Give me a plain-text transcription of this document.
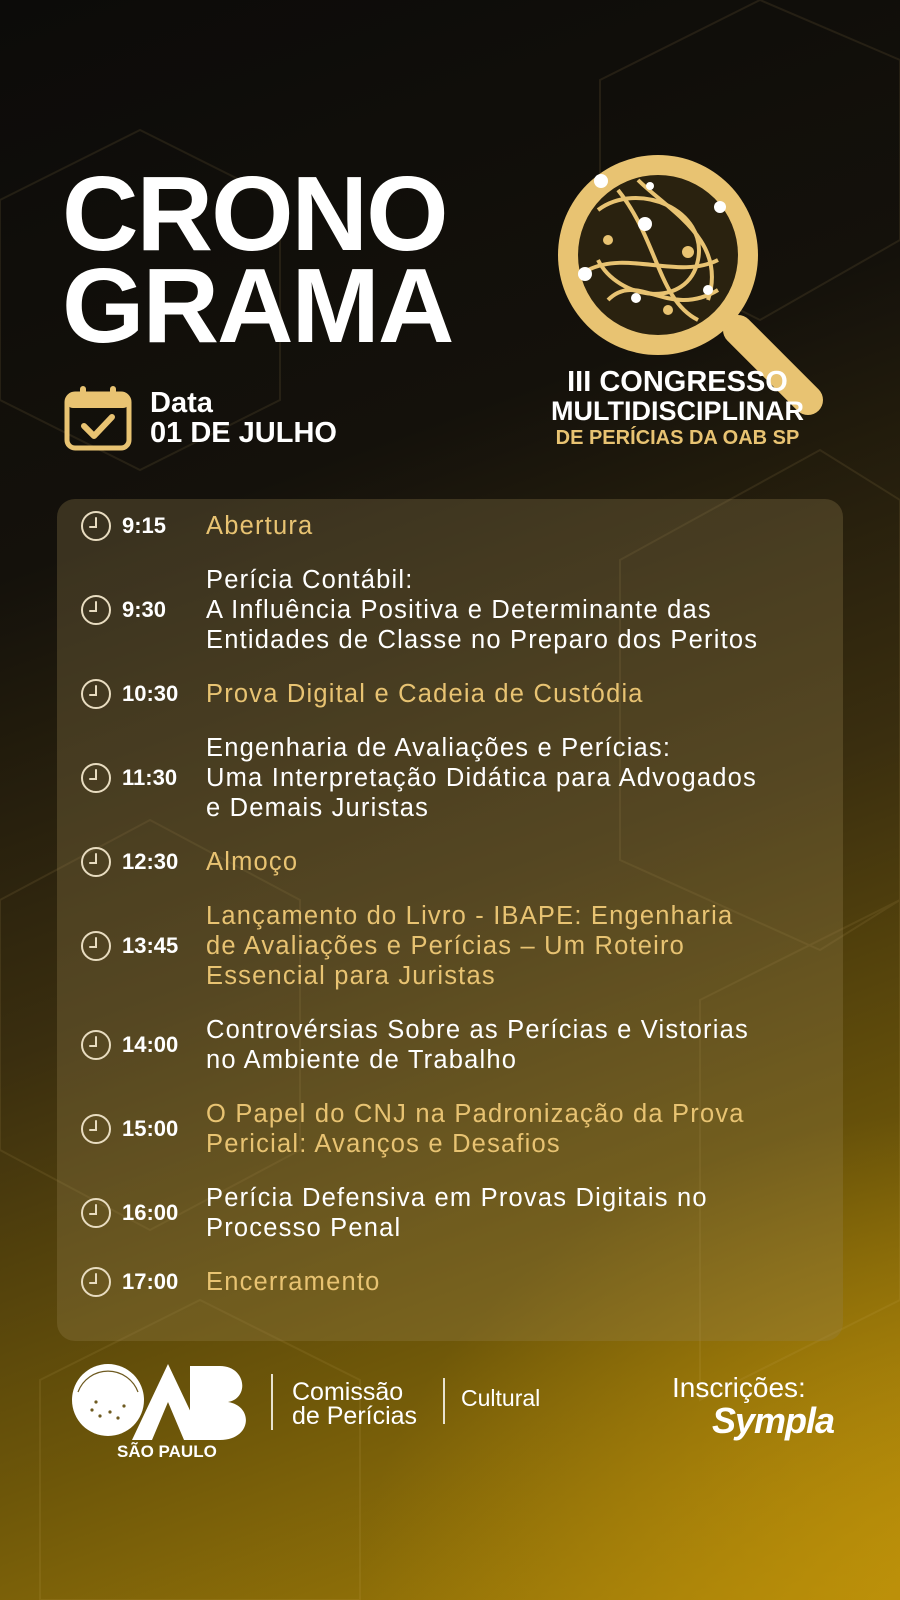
CRONO
GRAMA
Data
01 DE JULHO
III CONGRESSO
MULTIDISCIPLINAR
DE PERÍCIAS DA OAB SP
9:15 Abertura
9:30
Perícia Contábil:
A Influência Positiva e Determinante das
Entidades de Classe no Preparo dos Peritos
10:30 Prova Digital e Cadeia de Custódia
11:30
Engenharia de Avaliações e Perícias:
Uma Interpretação Didática para Advogados
e Demais Juristas
12:30 Almoço
13:45
Lançamento do Livro - IBAPE: Engenharia
de Avaliações e Perícias – Um Roteiro
Essencial para Juristas
14:00
Controvérsias Sobre as Perícias e Vistorias
no Ambiente de Trabalho
15:00
O Papel do CNJ na Padronização da Prova
Pericial: Avanços e Desafios
16:00
Perícia Defensiva em Provas Digitais no
Processo Penal
17:00 Encerramento
SÃO PAULO
Comissão
de Perícias
Cultural	Inscrições:
Sympla
